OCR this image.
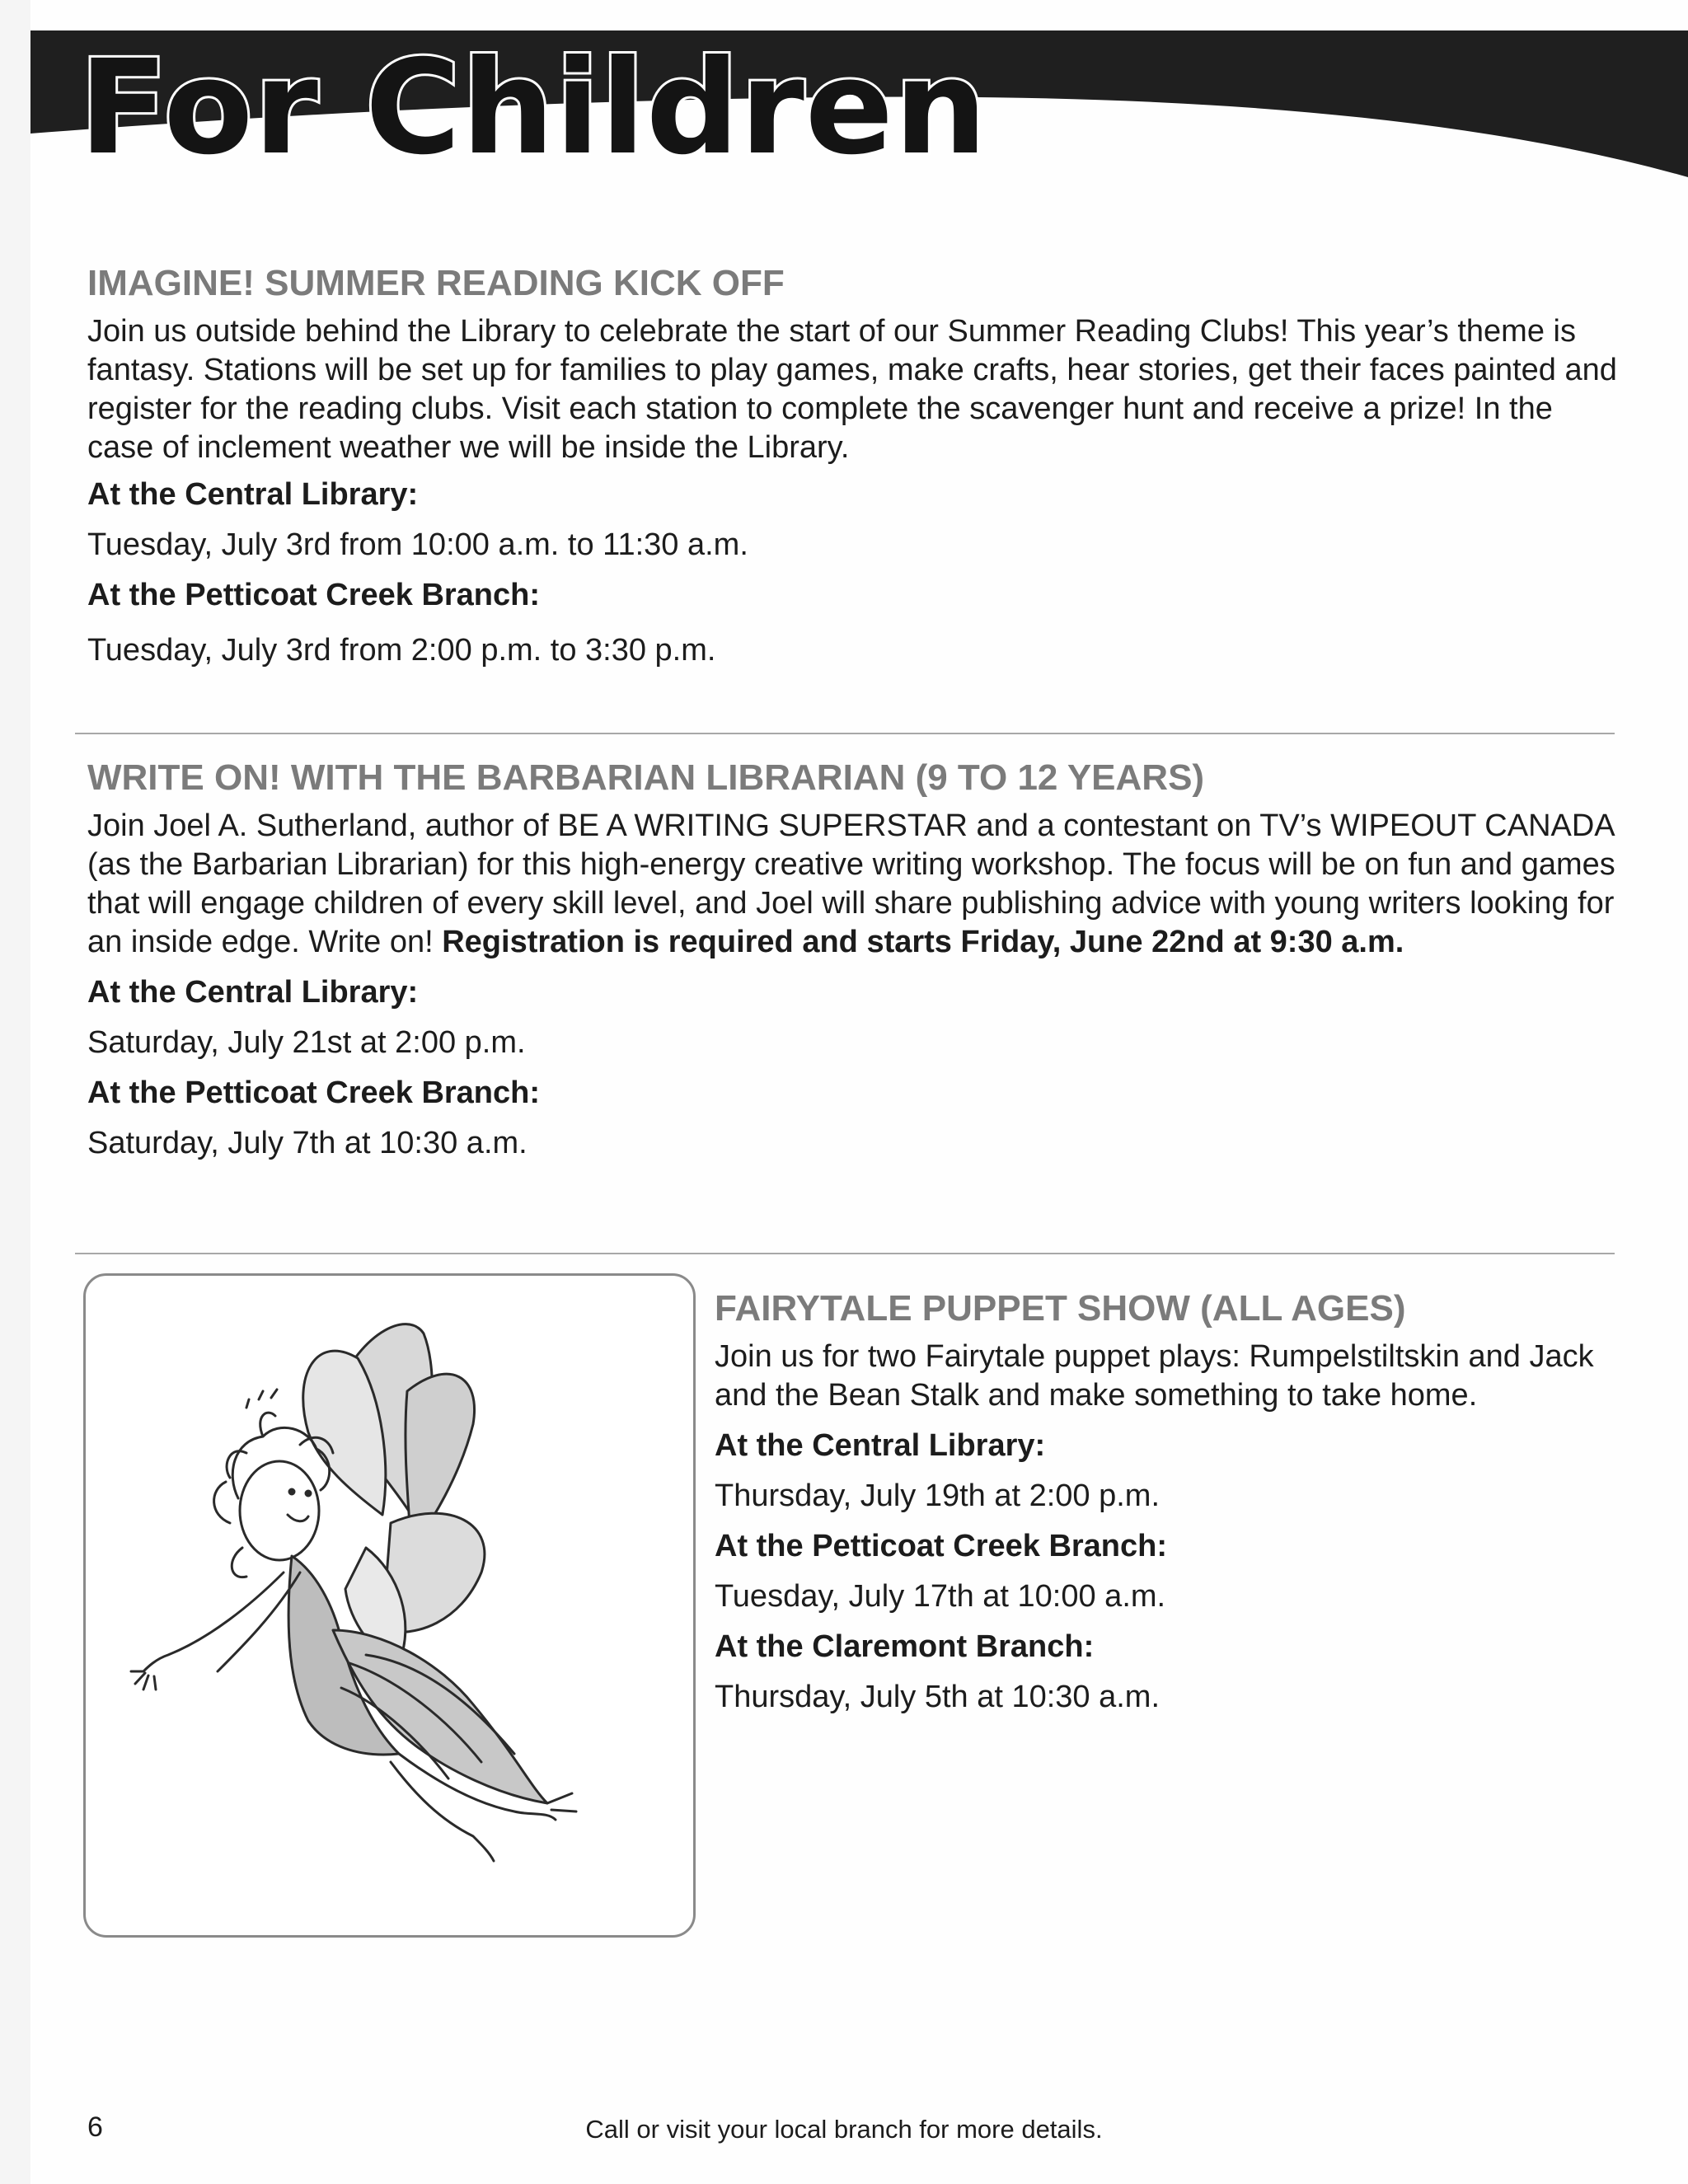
For Children
IMAGINE! SUMMER READING KICK OFF

Join us outside behind the Library to celebrate the start of our Summer Reading Clubs! This year’s theme is fantasy. Stations will be set up for families to play games, make crafts, hear stories, get their faces painted and register for the reading clubs. Visit each station to complete the scavenger hunt and receive a prize! In the case of inclement weather we will be inside the Library.

At the Central Library:

Tuesday, July 3rd from 10:00 a.m. to 11:30 a.m.

At the Petticoat Creek Branch:

Tuesday, July 3rd from 2:00 p.m. to 3:30 p.m.

WRITE ON! WITH THE BARBARIAN LIBRARIAN (9 TO 12 YEARS)

Join Joel A. Sutherland, author of BE A WRITING SUPERSTAR and a contestant on TV’s WIPEOUT CANADA (as the Barbarian Librarian) for this high-energy creative writing workshop. The focus will be on fun and games that will engage children of every skill level, and Joel will share publishing advice with young writers looking for an inside edge. Write on! Registration is required and starts Friday, June 22nd at 9:30 a.m.

At the Central Library:

Saturday, July 21st at 2:00 p.m.

At the Petticoat Creek Branch:

Saturday, July 7th at 10:30 a.m.

FAIRYTALE PUPPET SHOW (ALL AGES)

Join us for two Fairytale puppet plays: Rumpelstiltskin and Jack and the Bean Stalk and make something to take home.

At the Central Library:

Thursday, July 19th at 2:00 p.m.

At the Petticoat Creek Branch:

Tuesday, July 17th at 10:00 a.m.

At the Claremont Branch:

Thursday, July 5th at 10:30 a.m.

6	Call or visit your local branch for more details.
